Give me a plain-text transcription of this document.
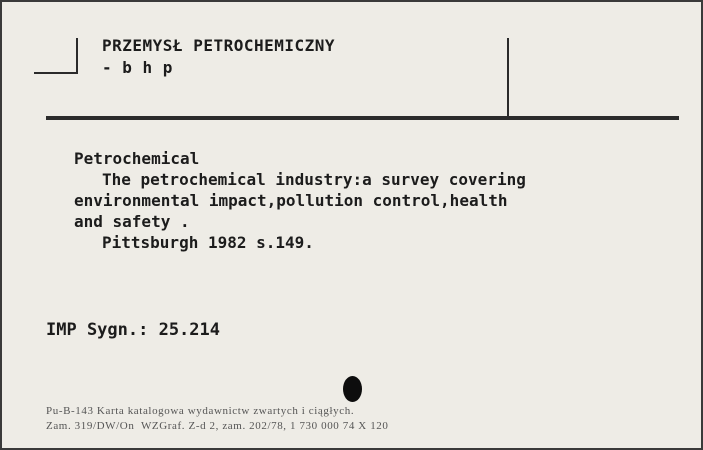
PRZEMYSŁ PETROCHEMICZNY
- b h p
Petrochemical
The petrochemical industry:a survey covering
environmental impact,pollution control,health
and safety .
Pittsburgh 1982 s.149.
IMP Sygn.: 25.214
Pu-B-143 Karta katalogowa wydawnictw zwartych i ciągłych.
Zam. 319/DW/On  WZGraf. Z-d 2, zam. 202/78, 1 730 000 74 X 120
